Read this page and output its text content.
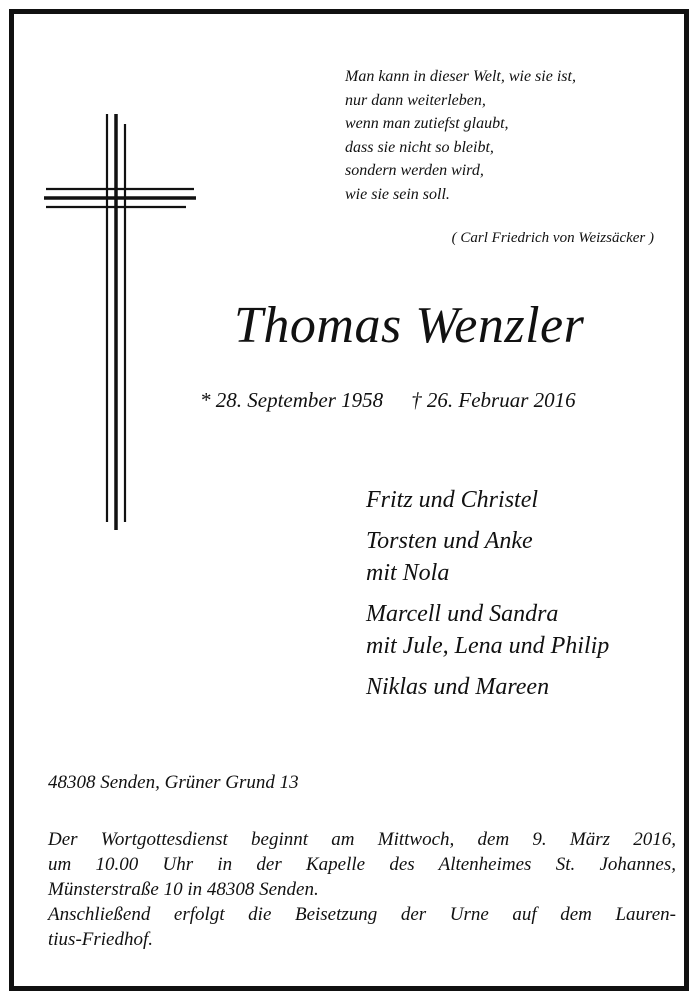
Man kann in dieser Welt, wie sie ist,
nur dann weiterleben,
wenn man zutiefst glaubt,
dass sie nicht so bleibt,
sondern werden wird,
wie sie sein soll.
( Carl Friedrich von Weizsäcker )
Thomas Wenzler
* 28. September 1958 † 26. Februar 2016
Fritz und Christel
Torsten und Anke
mit Nola
Marcell und Sandra
mit Jule, Lena und Philip
Niklas und Mareen
48308 Senden, Grüner Grund 13
Der Wortgottesdienst beginnt am Mittwoch, dem 9. März 2016,
um 10.00 Uhr in der Kapelle des Altenheimes St. Johannes,
Münsterstraße 10 in 48308 Senden.
Anschließend erfolgt die Beisetzung der Urne auf dem Lauren-
tius-Friedhof.
